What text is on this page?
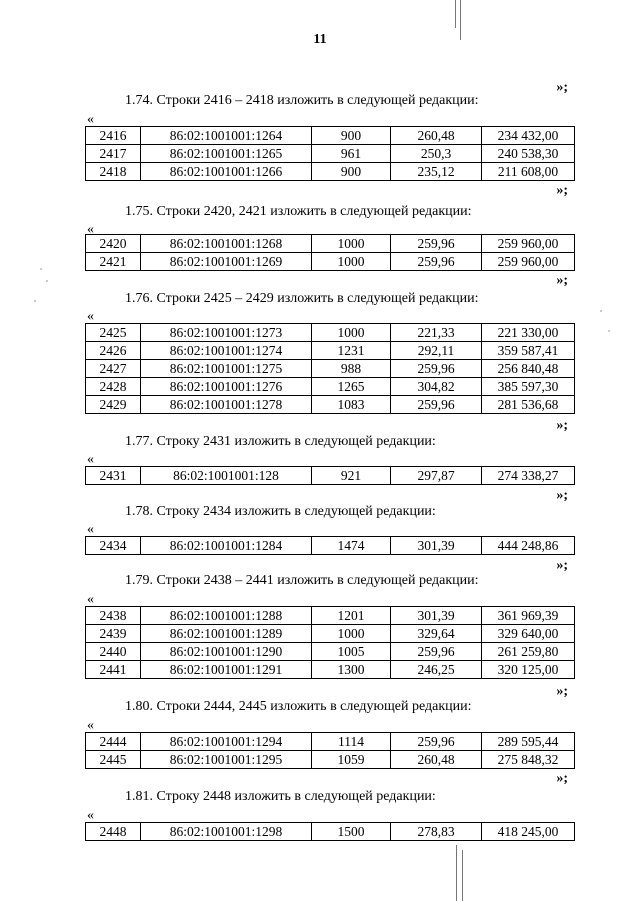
11
»;
1.74. Строки 2416 – 2418 изложить в следующей редакции:
«
2416	86:02:1001001:1264	900	260,48	234 432,00
2417	86:02:1001001:1265	961	250,3	240 538,30
2418	86:02:1001001:1266	900	235,12	211 608,00
»;
1.75. Строки 2420, 2421 изложить в следующей редакции:
«
2420	86:02:1001001:1268	1000	259,96	259 960,00
2421	86:02:1001001:1269	1000	259,96	259 960,00
»;
1.76. Строки 2425 – 2429 изложить в следующей редакции:
«
2425	86:02:1001001:1273	1000	221,33	221 330,00
2426	86:02:1001001:1274	1231	292,11	359 587,41
2427	86:02:1001001:1275	988	259,96	256 840,48
2428	86:02:1001001:1276	1265	304,82	385 597,30
2429	86:02:1001001:1278	1083	259,96	281 536,68
»;
1.77. Строку 2431 изложить в следующей редакции:
«
2431	86:02:1001001:128	921	297,87	274 338,27
»;
1.78. Строку 2434 изложить в следующей редакции:
«
2434	86:02:1001001:1284	1474	301,39	444 248,86
»;
1.79. Строки 2438 – 2441 изложить в следующей редакции:
«
2438	86:02:1001001:1288	1201	301,39	361 969,39
2439	86:02:1001001:1289	1000	329,64	329 640,00
2440	86:02:1001001:1290	1005	259,96	261 259,80
2441	86:02:1001001:1291	1300	246,25	320 125,00
»;
1.80. Строки 2444, 2445 изложить в следующей редакции:
«
2444	86:02:1001001:1294	1114	259,96	289 595,44
2445	86:02:1001001:1295	1059	260,48	275 848,32
»;
1.81. Строку 2448 изложить в следующей редакции:
«
2448	86:02:1001001:1298	1500	278,83	418 245,00
